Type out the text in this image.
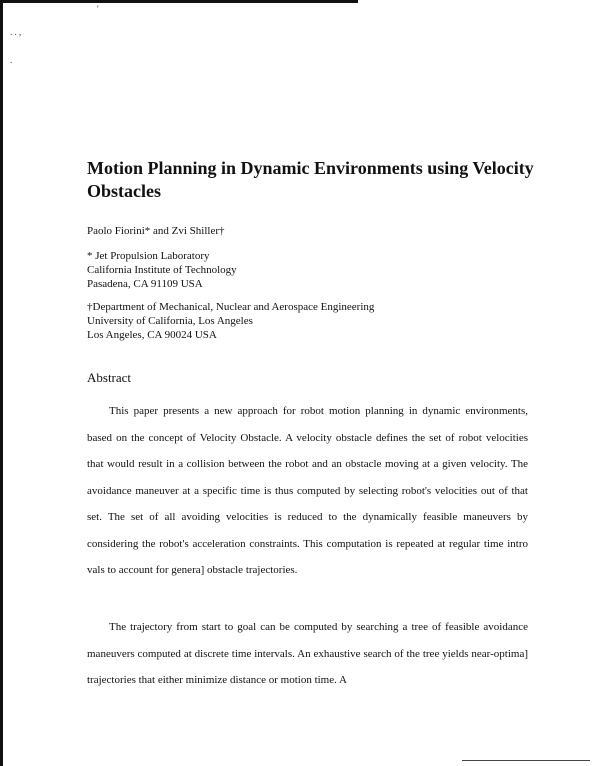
'
. . ,
.
Motion Planning in Dynamic Environments using Velocity Obstacles
Paolo Fiorini* and Zvi Shiller†
* Jet Propulsion Laboratory
California Institute of Technology
Pasadena, CA 91109 USA
†Department of Mechanical, Nuclear and Aerospace Engineering
University of California, Los Angeles
Los Angeles, CA 90024 USA
Abstract

This paper presents a new approach for robot motion planning in dynamic environments, based on the concept of Velocity Obstacle. A velocity obstacle defines the set of robot velocities that would result in a collision between the robot and an obstacle moving at a given velocity. The avoidance maneuver at a specific time is thus computed by selecting robot's velocities out of that set. The set of all avoiding velocities is reduced to the dynamically feasible maneuvers by considering the robot's acceleration constraints. This computation is repeated at regular time intro vals to account for genera] obstacle trajectories.

The trajectory from start to goal can be computed by searching a tree of feasible avoidance maneuvers computed at discrete time intervals. An exhaustive search of the tree yields near-optima] trajectories that either minimize distance or motion time. A
